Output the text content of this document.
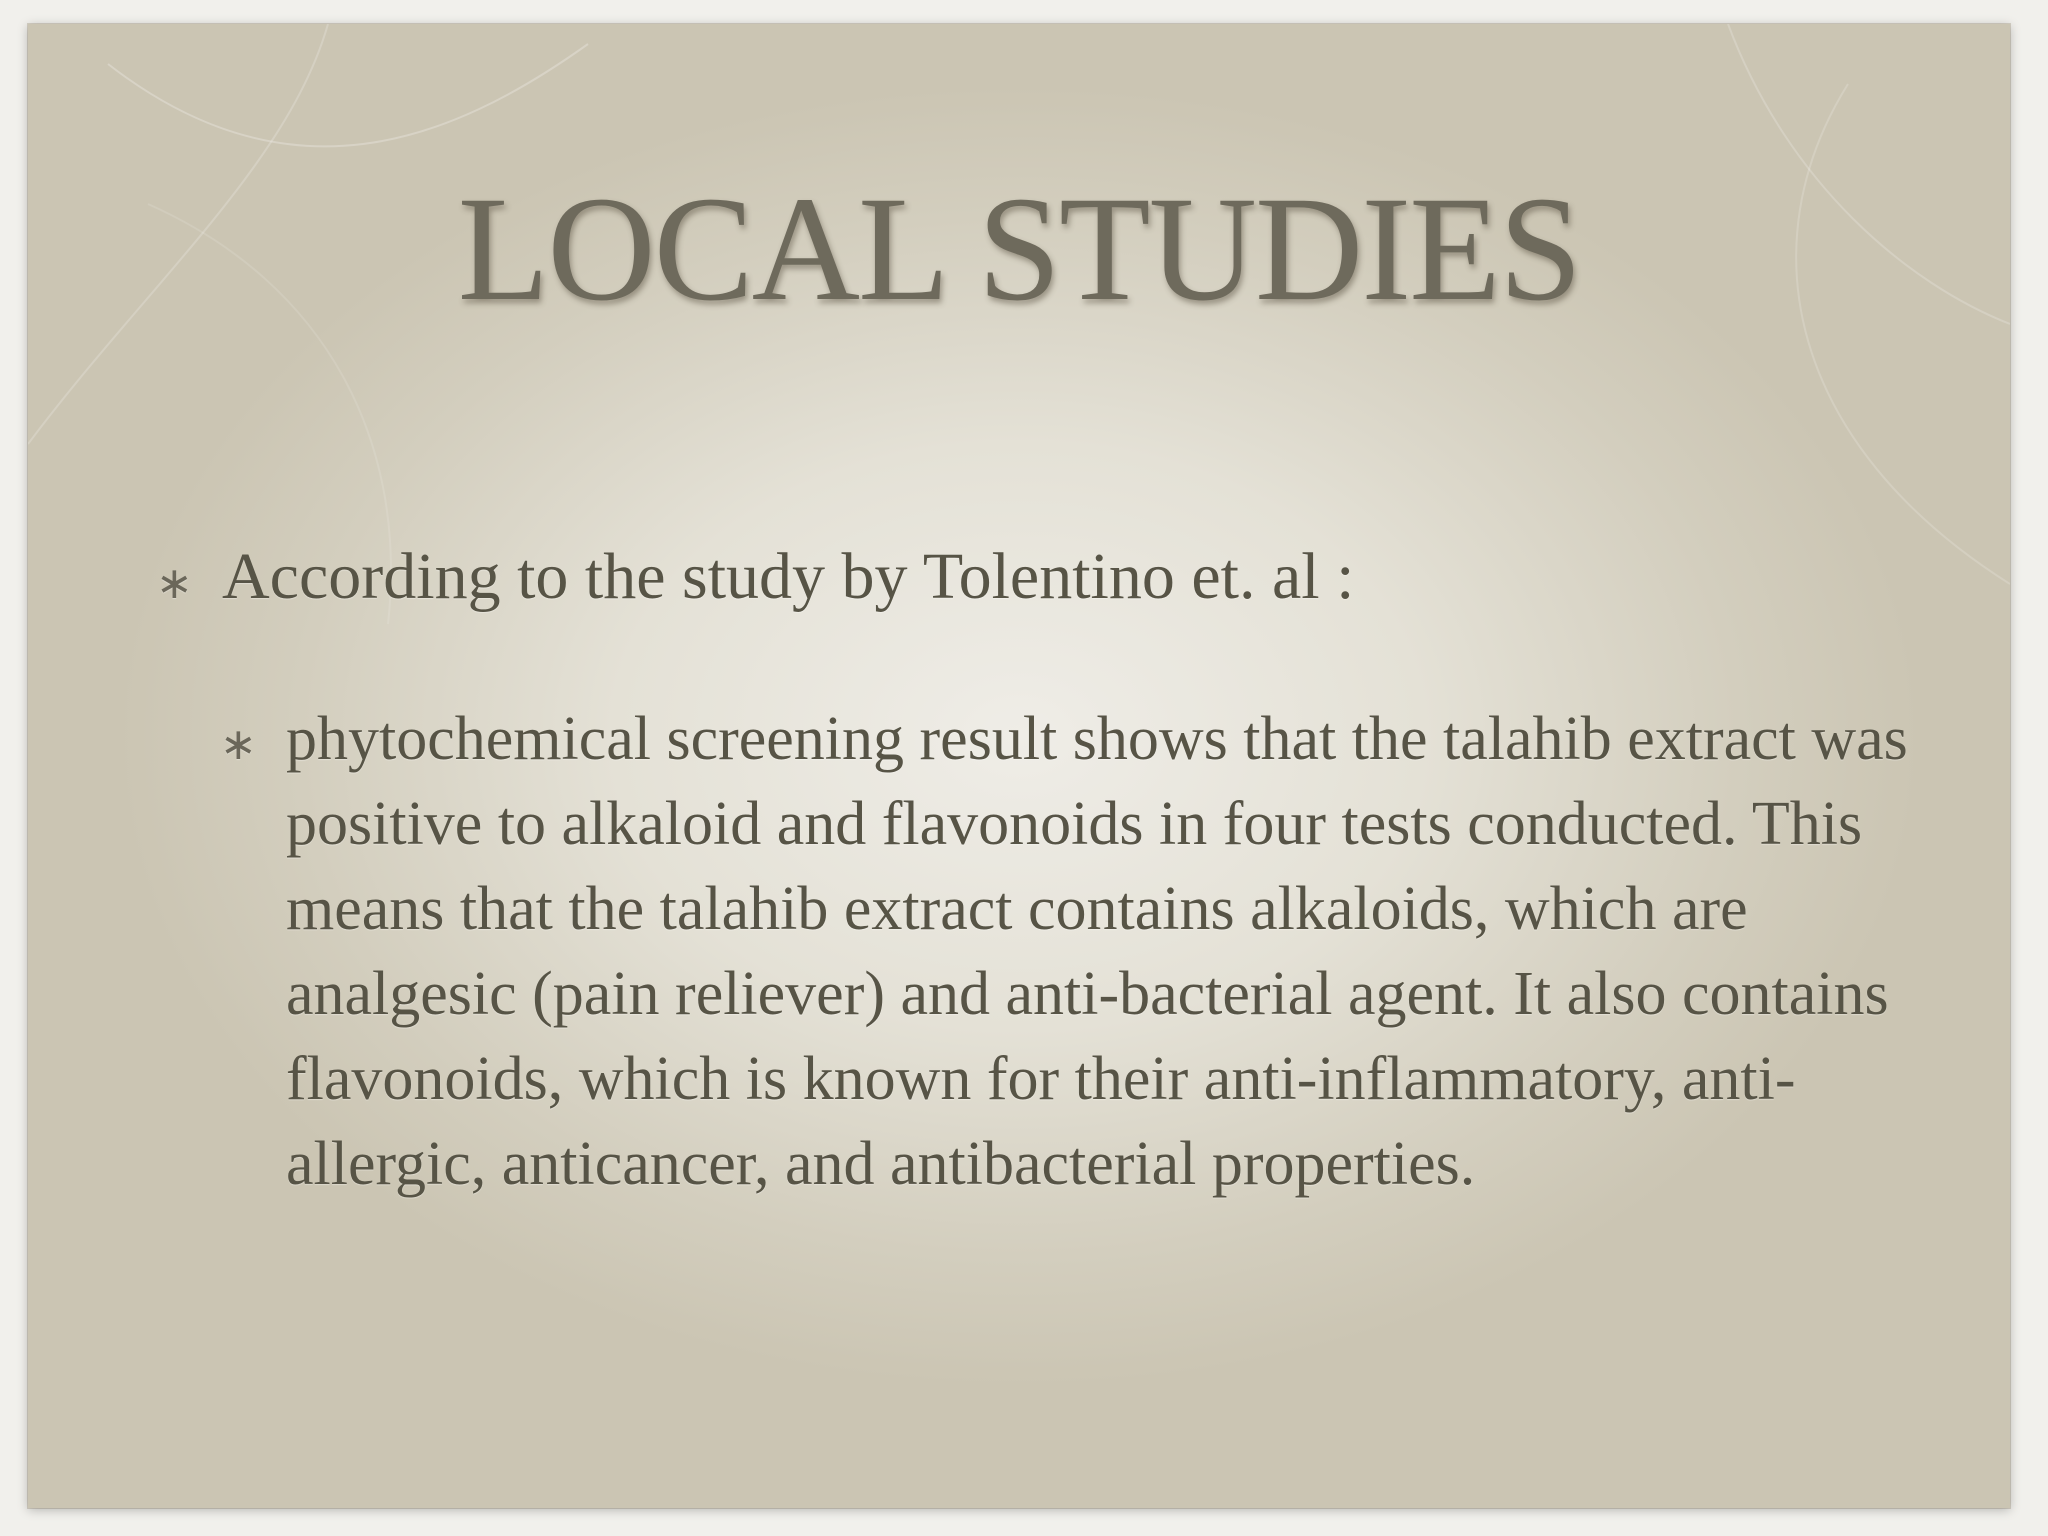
LOCAL STUDIES
∗ According to the study by Tolentino et. al :
∗ phytochemical screening result shows that the talahib extract was positive to alkaloid and flavonoids in four tests conducted. This means that the talahib extract contains alkaloids, which are analgesic (pain reliever) and anti-bacterial agent. It also contains flavonoids, which is known for their anti-inflammatory, anti-allergic, anticancer, and antibacterial properties.
